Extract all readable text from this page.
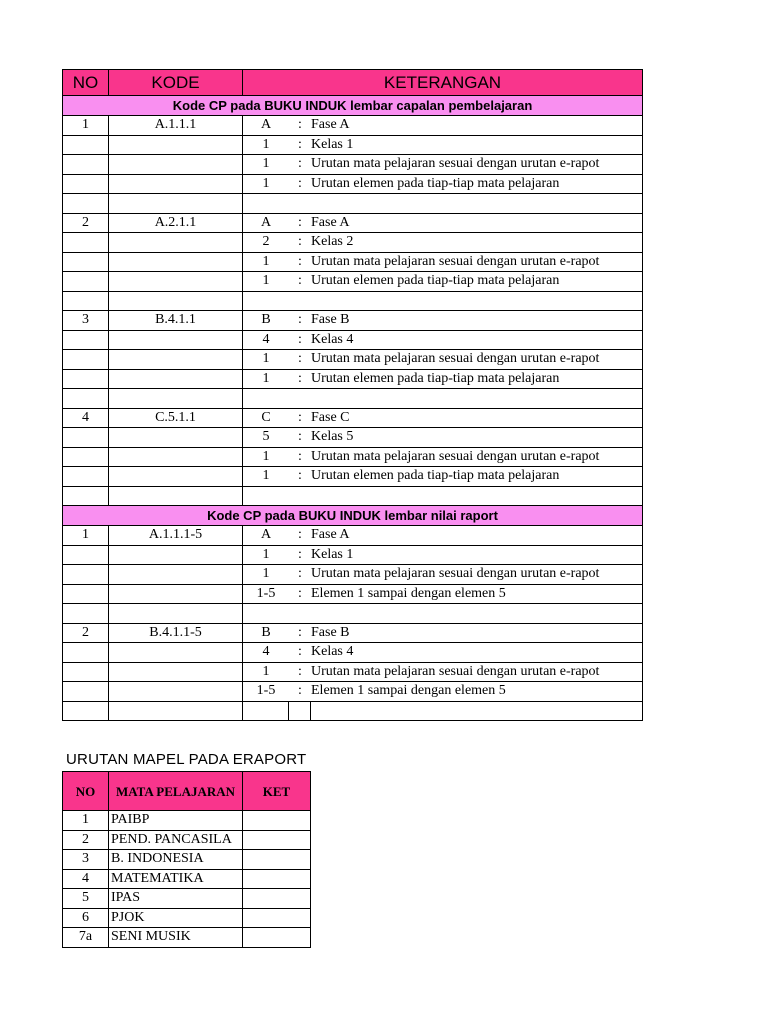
NO	KODE	KETERANGAN
Kode CP pada BUKU INDUK lembar capalan pembelajaran		
1	A.1.1.1	A : Fase A
		1 : Kelas 1
		1 : Urutan mata pelajaran sesuai dengan urutan e-rapot
		1 : Urutan elemen pada tiap-tiap mata pelajaran

2	A.2.1.1	A : Fase A
		2 : Kelas 2
		1 : Urutan mata pelajaran sesuai dengan urutan e-rapot
		1 : Urutan elemen pada tiap-tiap mata pelajaran

3	B.4.1.1	B : Fase B
		4 : Kelas 4
		1 : Urutan mata pelajaran sesuai dengan urutan e-rapot
		1 : Urutan elemen pada tiap-tiap mata pelajaran

4	C.5.1.1	C : Fase C
		5 : Kelas 5
		1 : Urutan mata pelajaran sesuai dengan urutan e-rapot
		1 : Urutan elemen pada tiap-tiap mata pelajaran

Kode CP pada BUKU INDUK lembar nilai raport		
1	A.1.1.1-5	A : Fase A
		1 : Kelas 1
		1 : Urutan mata pelajaran sesuai dengan urutan e-rapot
		1-5 : Elemen 1 sampai dengan elemen 5

2	B.4.1.1-5	B : Fase B
		4 : Kelas 4
		1 : Urutan mata pelajaran sesuai dengan urutan e-rapot
		1-5 : Elemen 1 sampai dengan elemen 5

URUTAN MAPEL PADA ERAPORT
NO	MATA PELAJARAN	KET
1	PAIBP	
2	PEND. PANCASILA	
3	B. INDONESIA	
4	MATEMATIKA	
5	IPAS	
6	PJOK	
7a	SENI MUSIK	
